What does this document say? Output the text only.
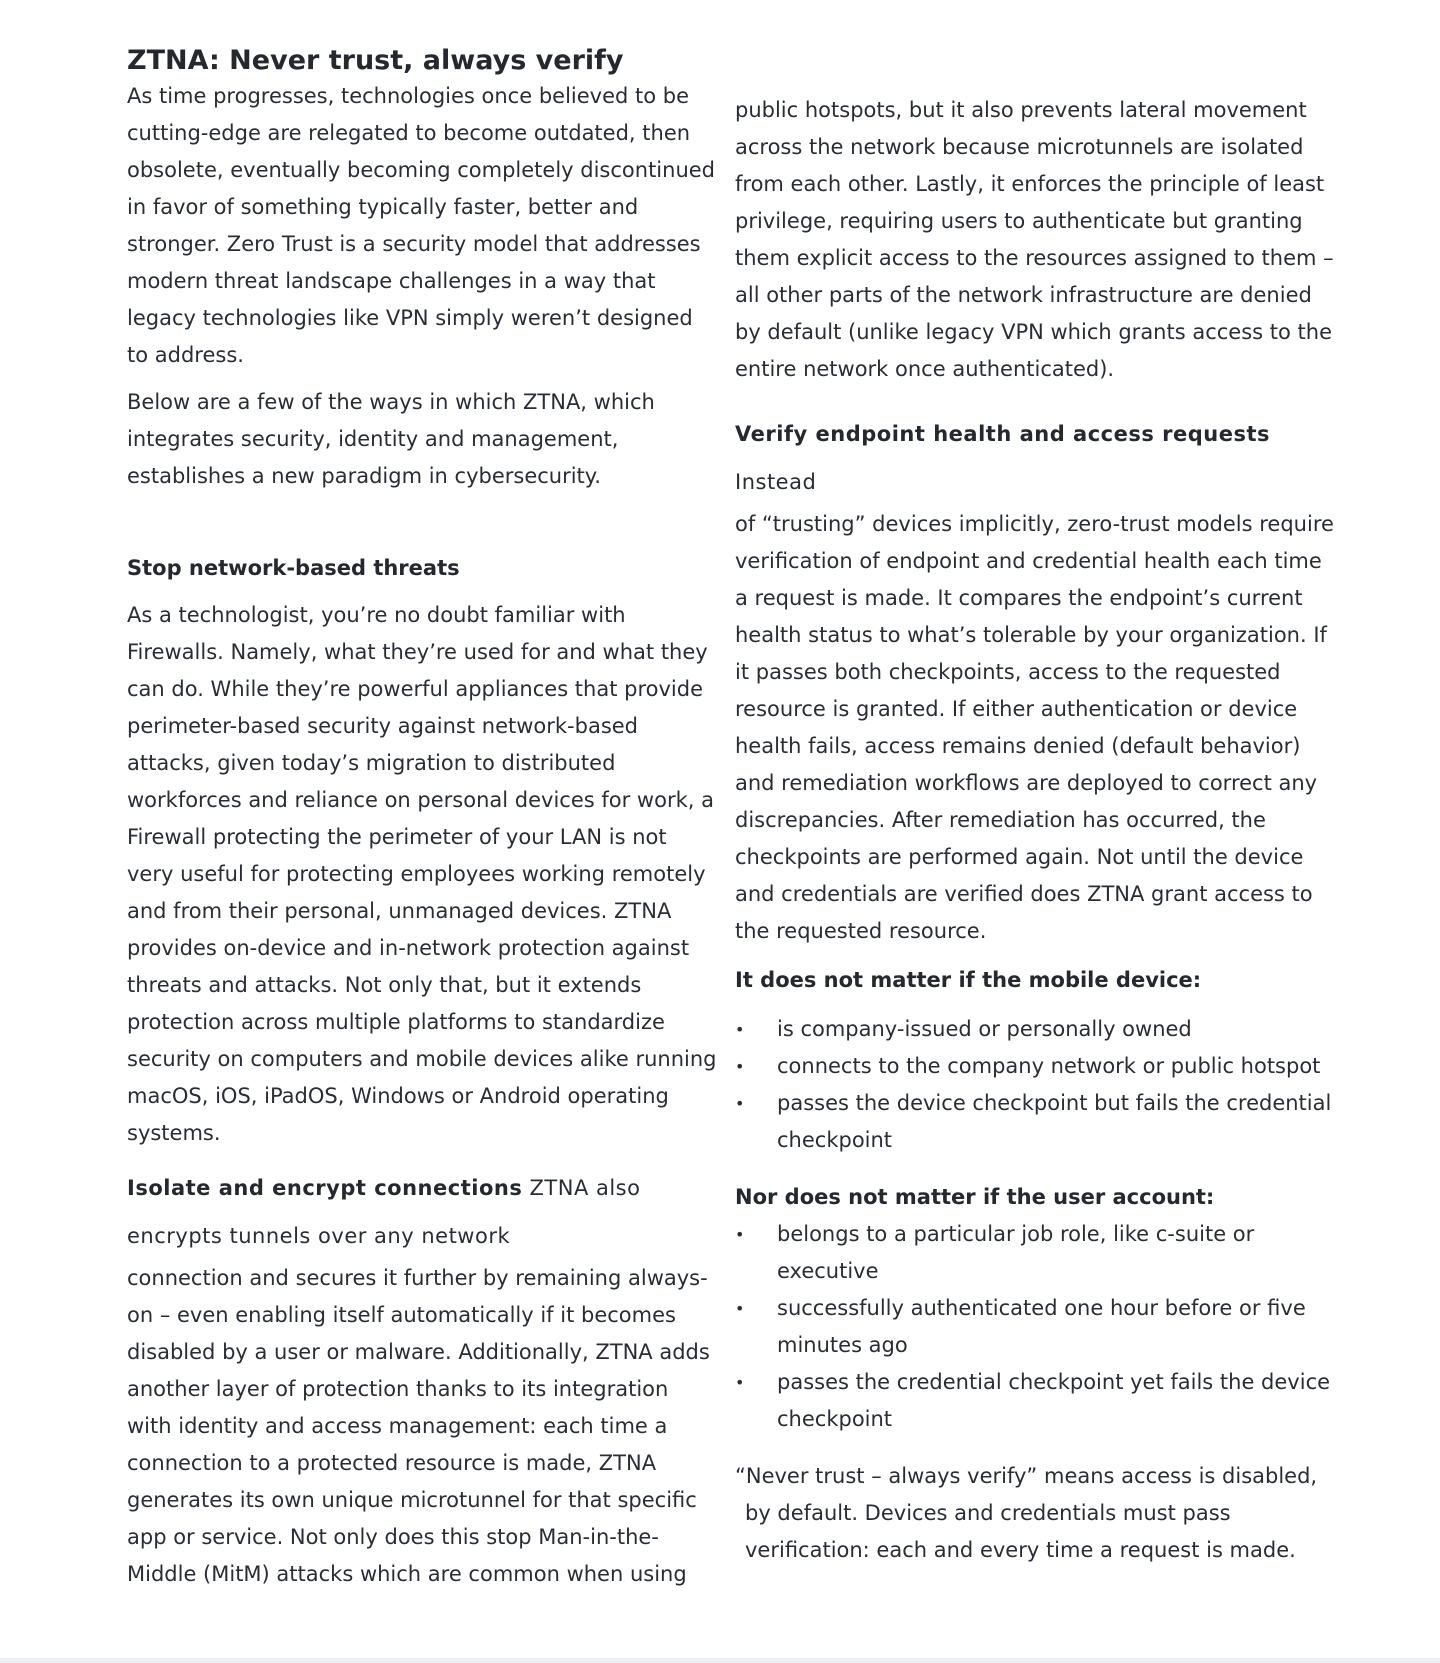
ZTNA: Never trust, always verify

As time progresses, technologies once believed to be cutting-edge are relegated to become outdated, then obsolete, eventually becoming completely discontinued in favor of something typically faster, better and stronger. Zero Trust is a security model that addresses modern threat landscape challenges in a way that legacy technologies like VPN simply weren’t designed to address.

Below are a few of the ways in which ZTNA, which integrates security, identity and management, establishes a new paradigm in cybersecurity.

Stop network-based threats

As a technologist, you’re no doubt familiar with Firewalls. Namely, what they’re used for and what they can do. While they’re powerful appliances that provide perimeter-based security against network-based attacks, given today’s migration to distributed workforces and reliance on personal devices for work, a Firewall protecting the perimeter of your LAN is not very useful for protecting employees working remotely and from their personal, unmanaged devices. ZTNA provides on-device and in-network protection against threats and attacks. Not only that, but it extends protection across multiple platforms to standardize security on computers and mobile devices alike running macOS, iOS, iPadOS, Windows or Android operating systems.

Isolate and encrypt connections ZTNA also encrypts tunnels over any network

connection and secures it further by remaining always-on – even enabling itself automatically if it becomes disabled by a user or malware. Additionally, ZTNA adds another layer of protection thanks to its integration with identity and access management: each time a connection to a protected resource is made, ZTNA generates its own unique microtunnel for that specific app or service. Not only does this stop Man-in-the-Middle (MitM) attacks which are common when using

public hotspots, but it also prevents lateral movement across the network because microtunnels are isolated from each other. Lastly, it enforces the principle of least privilege, requiring users to authenticate but granting them explicit access to the resources assigned to them – all other parts of the network infrastructure are denied by default (unlike legacy VPN which grants access to the entire network once authenticated).

Verify endpoint health and access requests Instead

of “trusting” devices implicitly, zero-trust models require verification of endpoint and credential health each time a request is made. It compares the endpoint’s current health status to what’s tolerable by your organization. If it passes both checkpoints, access to the requested resource is granted. If either authentication or device health fails, access remains denied (default behavior) and remediation workflows are deployed to correct any discrepancies. After remediation has occurred, the checkpoints are performed again. Not until the device and credentials are verified does ZTNA grant access to the requested resource.

It does not matter if the mobile device:
• is company-issued or personally owned
• connects to the company network or public hotspot
• passes the device checkpoint but fails the credential checkpoint
Nor does not matter if the user account:
• belongs to a particular job role, like c-suite or executive
• successfully authenticated one hour before or five minutes ago
• passes the credential checkpoint yet fails the device checkpoint
“Never trust – always verify” means access is disabled,
by default. Devices and credentials must pass
verification: each and every time a request is made.
